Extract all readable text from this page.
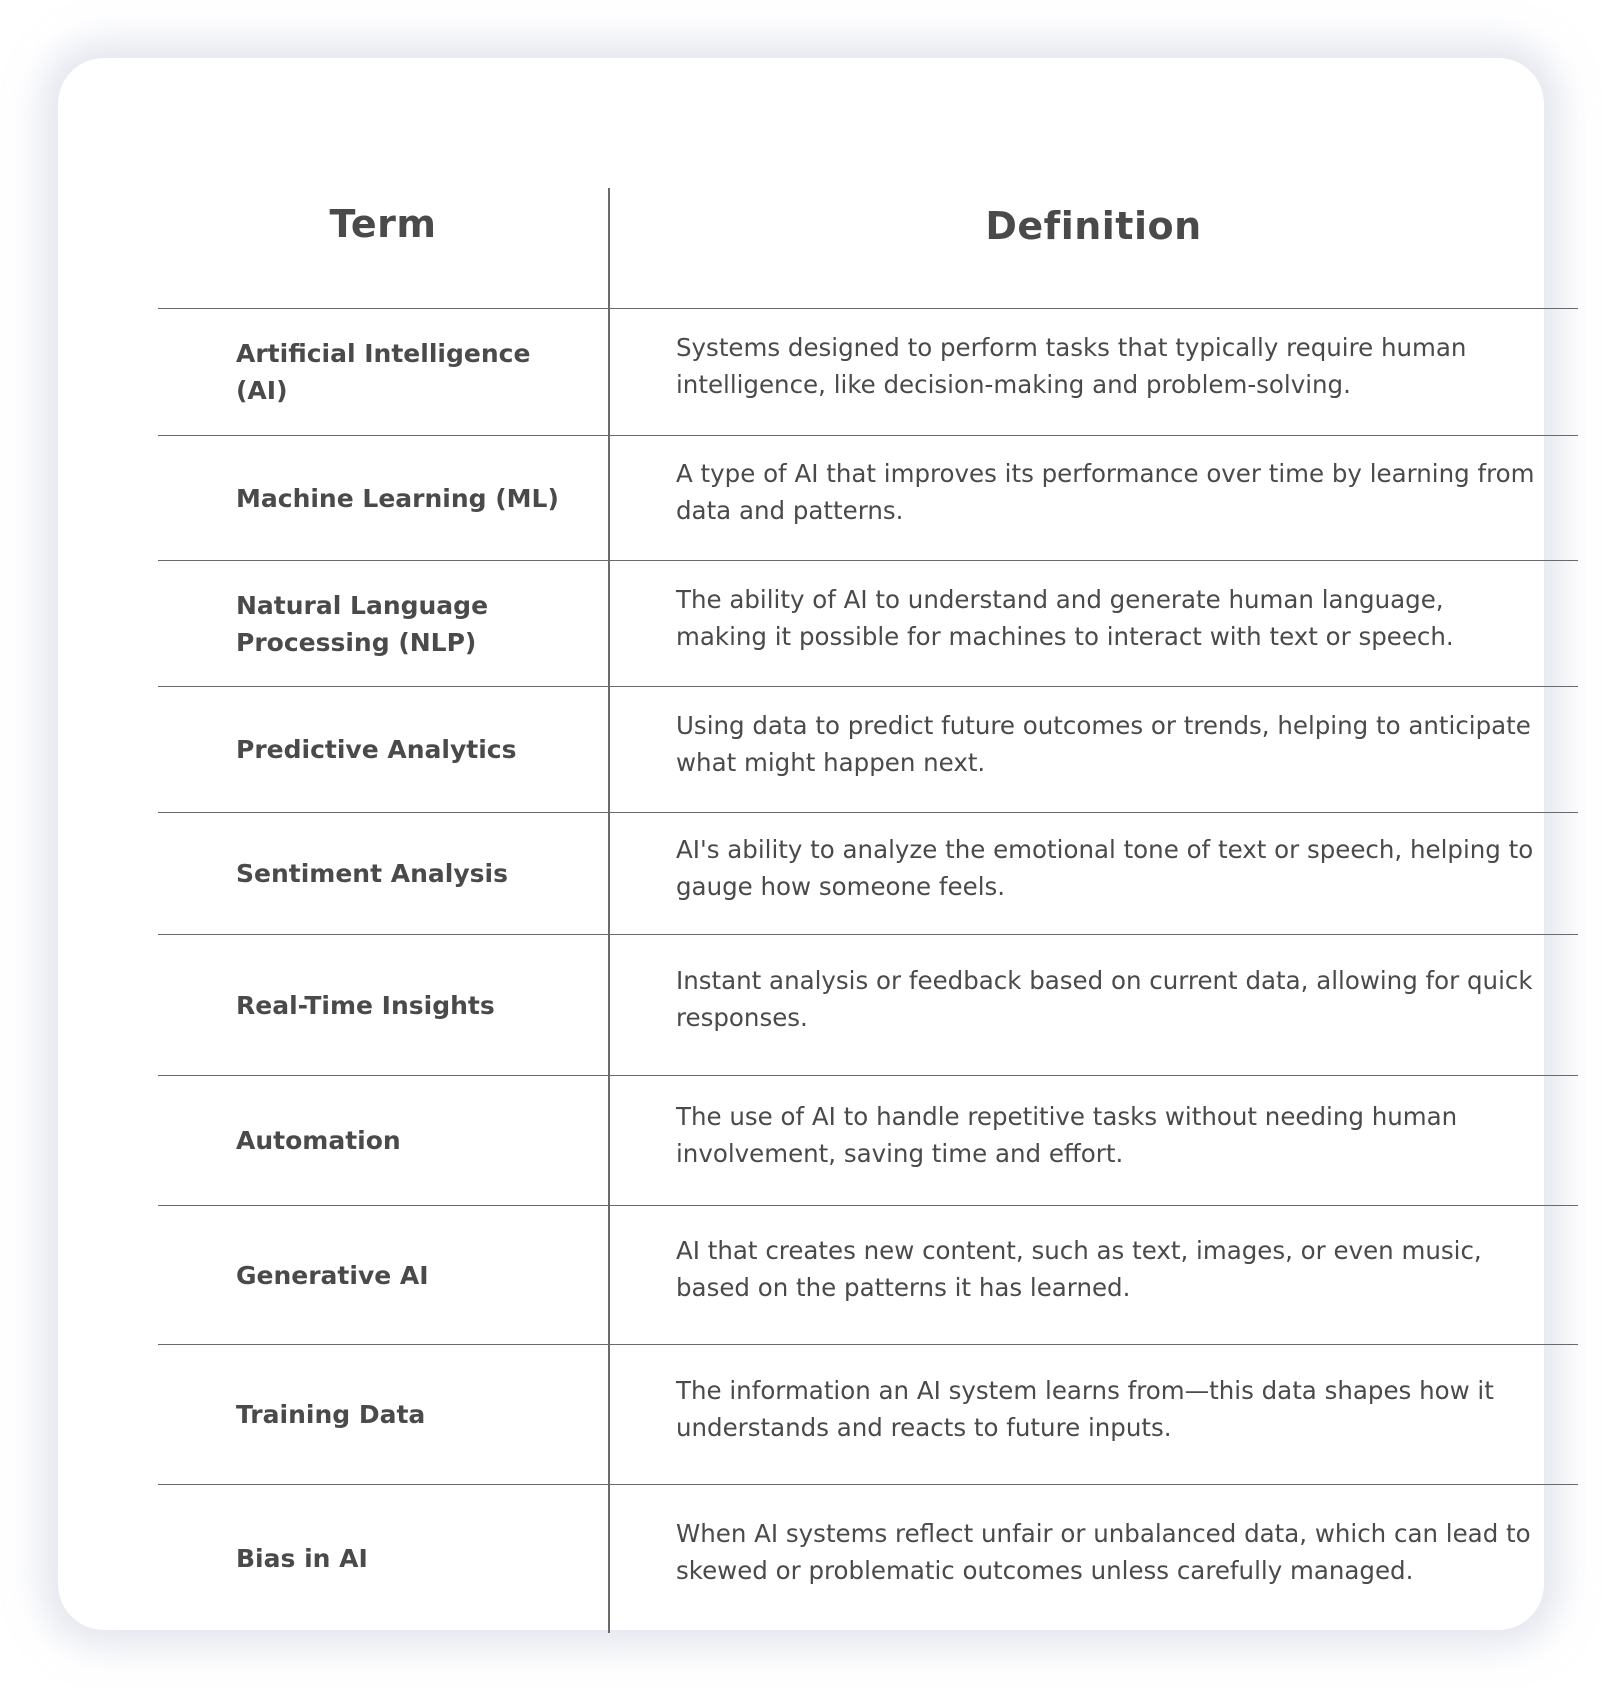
Term	Definition
Artificial Intelligence (AI)
Systems designed to perform tasks that typically require human intelligence, like decision-making and problem-solving.
Machine Learning (ML)
A type of AI that improves its performance over time by learning from data and patterns.
Natural Language Processing (NLP)
The ability of AI to understand and generate human language, making it possible for machines to interact with text or speech.
Predictive Analytics
Using data to predict future outcomes or trends, helping to anticipate what might happen next.
Sentiment Analysis
AI's ability to analyze the emotional tone of text or speech, helping to gauge how someone feels.
Real-Time Insights
Instant analysis or feedback based on current data, allowing for quick responses.
Automation
The use of AI to handle repetitive tasks without needing human involvement, saving time and effort.
Generative AI
AI that creates new content, such as text, images, or even music, based on the patterns it has learned.
Training Data
The information an AI system learns from—this data shapes how it understands and reacts to future inputs.
Bias in AI
When AI systems reflect unfair or unbalanced data, which can lead to skewed or problematic outcomes unless carefully managed.
